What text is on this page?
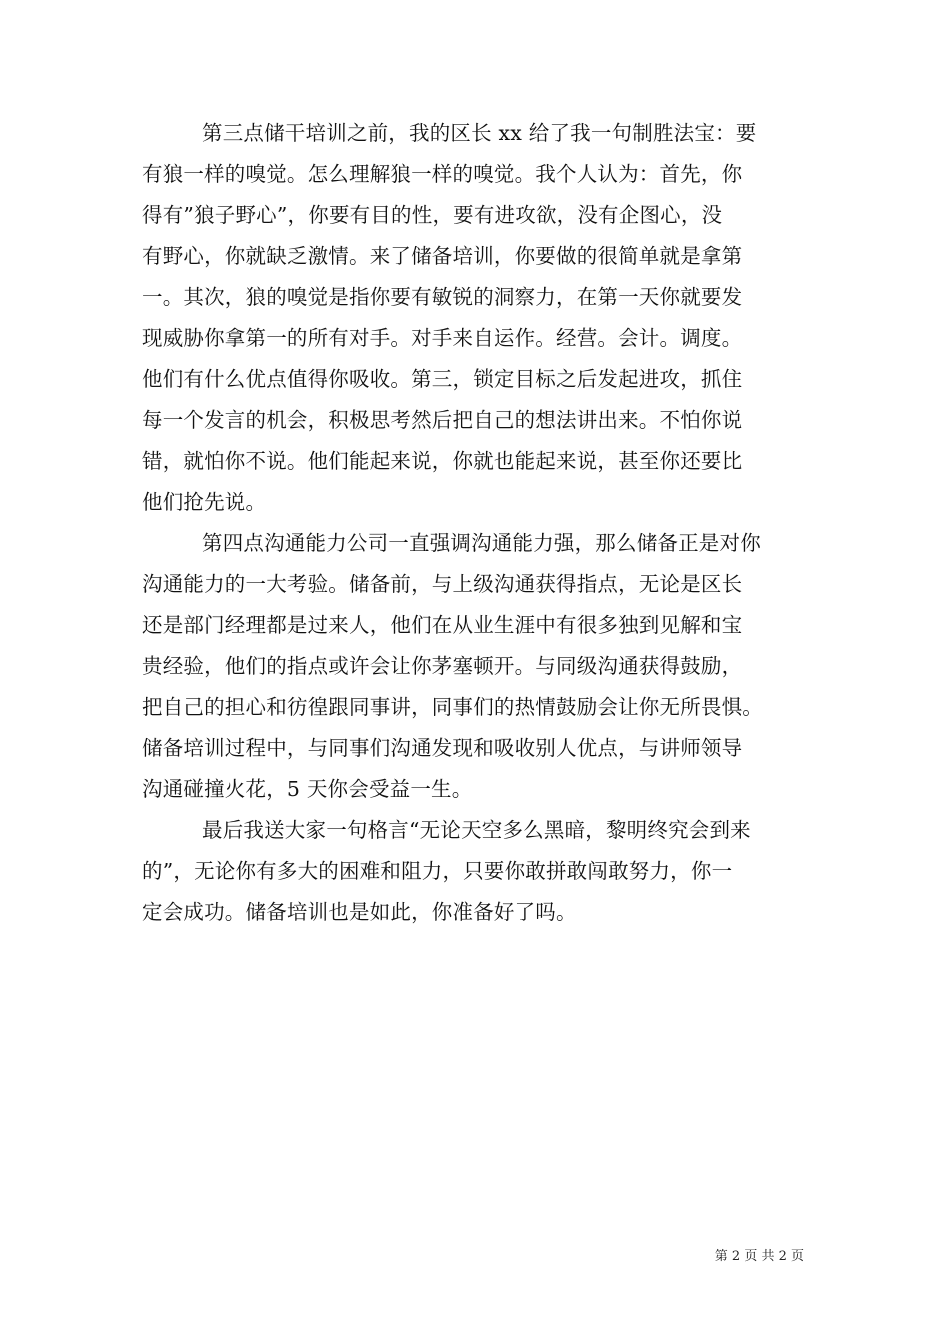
第三点储干培训之前，我的区长 xx 给了我一句制胜法宝：要
有狼一样的嗅觉。怎么理解狼一样的嗅觉。我个人认为：首先，你
得有”狼子野心”，你要有目的性，要有进攻欲，没有企图心，没
有野心，你就缺乏激情。来了储备培训，你要做的很简单就是拿第
一。其次，狼的嗅觉是指你要有敏锐的洞察力，在第一天你就要发
现威胁你拿第一的所有对手。对手来自运作。经营。会计。调度。
他们有什么优点值得你吸收。第三，锁定目标之后发起进攻，抓住
每一个发言的机会，积极思考然后把自己的想法讲出来。不怕你说
错，就怕你不说。他们能起来说，你就也能起来说，甚至你还要比
他们抢先说。
第四点沟通能力公司一直强调沟通能力强，那么储备正是对你
沟通能力的一大考验。储备前，与上级沟通获得指点，无论是区长
还是部门经理都是过来人，他们在从业生涯中有很多独到见解和宝
贵经验，他们的指点或许会让你茅塞顿开。与同级沟通获得鼓励，
把自己的担心和彷徨跟同事讲，同事们的热情鼓励会让你无所畏惧。
储备培训过程中，与同事们沟通发现和吸收别人优点，与讲师领导
沟通碰撞火花，5 天你会受益一生。
最后我送大家一句格言“无论天空多么黑暗，黎明终究会到来
的”，无论你有多大的困难和阻力，只要你敢拼敢闯敢努力，你一
定会成功。储备培训也是如此，你准备好了吗。
第 2 页 共 2 页
